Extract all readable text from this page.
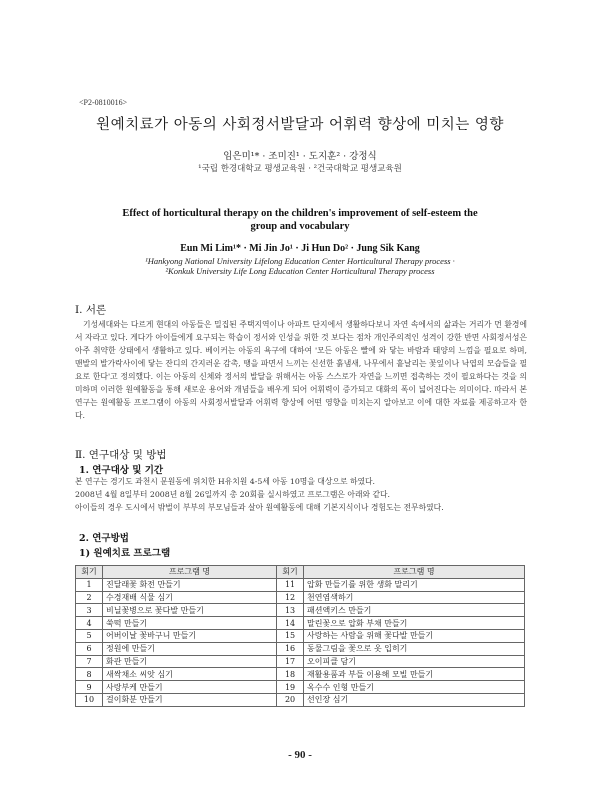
<P2-0810016>
원예치료가 아동의 사회정서발달과 어휘력 향상에 미치는 영향
임은미¹* · 조미진¹ · 도지훈² · 강정식
¹국립 한경대학교 평생교육원 · ²건국대학교 평생교육원
Effect of horticultural therapy on the children's improvement of self-esteem the group and vocabulary
Eun Mi Lim¹* · Mi Jin Jo¹ · Ji Hun Do² · Jung Sik Kang
¹Hankyong National University Lifelong Education Center Horticultural Therapy process ·
²Konkuk University Life Long Education Center Horticultural Therapy process
Ⅰ. 서론
기성세대와는 다르게 현대의 아동들은 밀집된 주택지역이나 아파트 단지에서 생활하다보니 자연 속에서의 삶과는 거리가 먼 환경에서 자라고 있다. 게다가 아이들에게 요구되는 학습이 정서와 인성을 위한 것 보다는 점차 개인주의적인 성격이 강한 반면 사회정서성은 아주 취약한 상태에서 생활하고 있다. 베이커는 아동의 욕구에 대하여 '모든 아동은 빨에 와 닿는 바람과 태양의 느낌을 필요로 하며, 맨발의 발가락사이에 닿는 잔디의 간지러운 감촉, 땡을 파면서 느끼는 신선한 흙냄새, 나무에서 흩날리는 꽃잎이나 낙엽의 모습들을 필요로 한다'고 정의했다. 이는 아동의 신체와 정서의 발달을 위해서는 아동 스스로가 자연을 느끼면 접촉하는 것이 필요하다는 것을 의미하며 이러한 원예활동을 통해 새로운 용어와 개념들을 배우게 되어 어휘력이 증가되고 대화의 폭이 넓어진다는 의미이다. 따라서 본 연구는 원예활동 프로그램이 아동의 사회정서발달과 어휘력 향상에 어떤 영향을 미치는지 알아보고 이에 대한 자료를 제공하고자 한다.
Ⅱ. 연구대상 및 방법
1. 연구대상 및 기간
본 연구는 경기도 과천시 문원동에 위치한 H유치원 4-5세 아동 10명을 대상으로 하였다.
2008년 4월 8일부터 2008년 8월 26일까지 총 20회를 실시하였고 프로그램은 아래와 같다.
아이들의 경우 도시에서 밖벌이 부부의 부모님들과 살아 원예활동에 대해 기본지식이나 경험도는 전무하였다.
2. 연구방법
1) 원예치료 프로그램
회기	프로그램 명	회기	프로그램 명
1	진달래꽃 화전 만들기	11	압화 만들기를 위한 생화 말리기
2	수경재배 식물 심기	12	천연염색하기
3	비닐꽃병으로 꽃다발 만들기	13	패션액키스 만들기
4	쑥떡 만들기	14	말린꽃으로 압화 부채 만들기
5	어버이날 꽃바구니 만들기	15	사랑하는 사람을 위해 꽃다발 만들기
6	정원에 만들기	16	동물그림을 꽃으로 옷 입히기
7	화관 만들기	17	오이피클 담기
8	새싹채소 씨앗 심기	18	재활용품과 부들 이용해 모빌 만들기
9	사랑부케 만들기	19	옥수수 인형 만들기
10	걸이화분 만들기	20	선인장 심기
- 90 -
